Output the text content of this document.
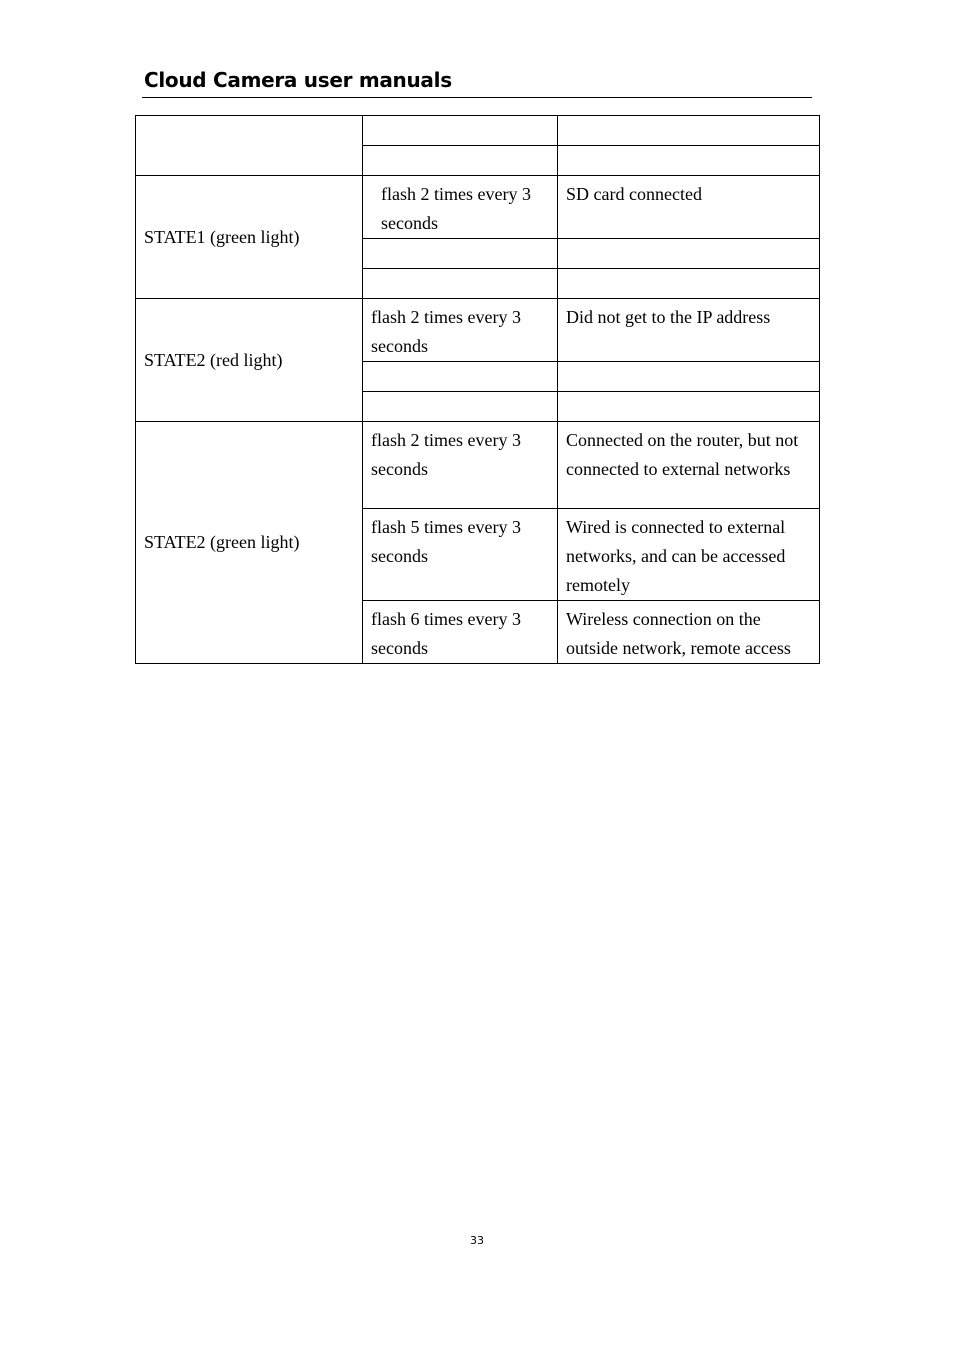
Cloud Camera user manuals

STATE1 (green light)	flash 2 times every 3 seconds	SD card connected

STATE2 (red light)	flash 2 times every 3 seconds	Did not get to the IP address

STATE2 (green light)	flash 2 times every 3 seconds	Connected on the router, but not connected to external networks
	flash 5 times every 3 seconds	Wired is connected to external networks, and can be accessed remotely
	flash 6 times every 3 seconds	Wireless connection on the outside network, remote access
33
